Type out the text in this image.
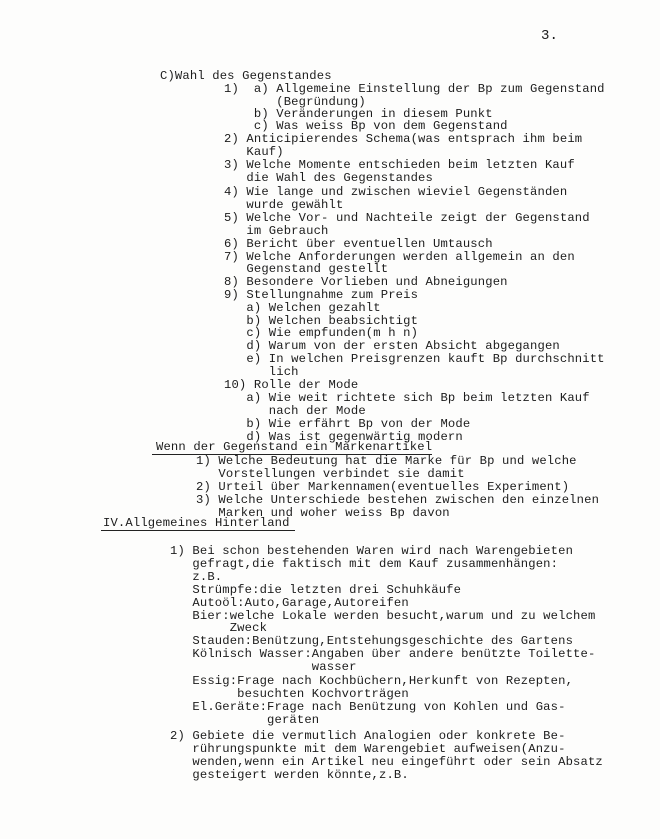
3.
C)Wahl des Gegenstandes
1)  a) Allgemeine Einstellung der Bp zum Gegenstand
(Begründung)
b) Veränderungen in diesem Punkt
c) Was weiss Bp von dem Gegenstand
2) Anticipierendes Schema(was entsprach ihm beim
Kauf)
3) Welche Momente entschieden beim letzten Kauf
die Wahl des Gegenstandes
4) Wie lange und zwischen wieviel Gegenständen
wurde gewählt
5) Welche Vor- und Nachteile zeigt der Gegenstand
im Gebrauch
6) Bericht über eventuellen Umtausch
7) Welche Anforderungen werden allgemein an den
Gegenstand gestellt
8) Besondere Vorlieben und Abneigungen
9) Stellungnahme zum Preis
a) Welchen gezahlt
b) Welchen beabsichtigt
c) Wie empfunden(m h n)
d) Warum von der ersten Absicht abgegangen
e) In welchen Preisgrenzen kauft Bp durchschnitt
lich
10) Rolle der Mode
a) Wie weit richtete sich Bp beim letzten Kauf
nach der Mode
b) Wie erfährt Bp von der Mode
d) Was ist gegenwärtig modern
Wenn der Gegenstand ein Markenartikel
1) Welche Bedeutung hat die Marke für Bp und welche
Vorstellungen verbindet sie damit
2) Urteil über Markennamen(eventuelles Experiment)
3) Welche Unterschiede bestehen zwischen den einzelnen
Marken und woher weiss Bp davon
IV.Allgemeines Hinterland
1) Bei schon bestehenden Waren wird nach Warengebieten
gefragt,die faktisch mit dem Kauf zusammenhängen:
z.B.
Strümpfe:die letzten drei Schuhkäufe
Autoöl:Auto,Garage,Autoreifen
Bier:welche Lokale werden besucht,warum und zu welchem
Zweck
Stauden:Benützung,Entstehungsgeschichte des Gartens
Kölnisch Wasser:Angaben über andere benützte Toilette-
wasser
Essig:Frage nach Kochbüchern,Herkunft von Rezepten,
besuchten Kochvorträgen
El.Geräte:Frage nach Benützung von Kohlen und Gas-
geräten
2) Gebiete die vermutlich Analogien oder konkrete Be-
rührungspunkte mit dem Warengebiet aufweisen(Anzu-
wenden,wenn ein Artikel neu eingeführt oder sein Absatz
gesteigert werden könnte,z.B.
